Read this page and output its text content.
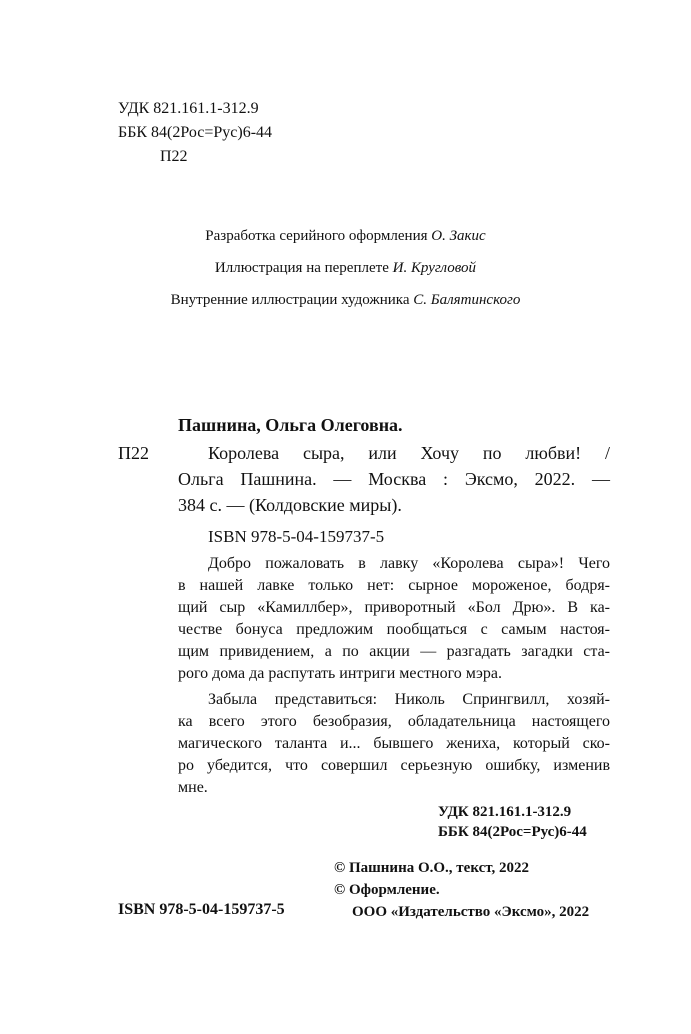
УДК 821.161.1-312.9
ББК 84(2Рос=Рус)6-44
П22
Разработка серийного оформления О. Закис
Иллюстрация на переплете И. Кругловой
Внутренние иллюстрации художника С. Балятинского
Пашнина, Ольга Олеговна.
П22	Королева сыра, или Хочу по любви! /
Ольга Пашнина. — Москва : Эксмо, 2022. —
384 с. — (Колдовские миры).
ISBN 978-5-04-159737-5
Добро пожаловать в лавку «Королева сыра»! Чего
в нашей лавке только нет: сырное мороженое, бодря-
щий сыр «Камиллбер», приворотный «Бол Дрю». В ка-
честве бонуса предложим пообщаться с самым настоя-
щим привидением, а по акции — разгадать загадки ста-
рого дома да распутать интриги местного мэра.
Забыла представиться: Николь Спрингвилл, хозяй-
ка всего этого безобразия, обладательница настоящего
магического таланта и... бывшего жениха, который ско-
ро убедится, что совершил серьезную ошибку, изменив
мне.
УДК 821.161.1-312.9
ББК 84(2Рос=Рус)6-44
© Пашнина О.О., текст, 2022
© Оформление.
ООО «Издательство «Эксмо», 2022
ISBN 978-5-04-159737-5
